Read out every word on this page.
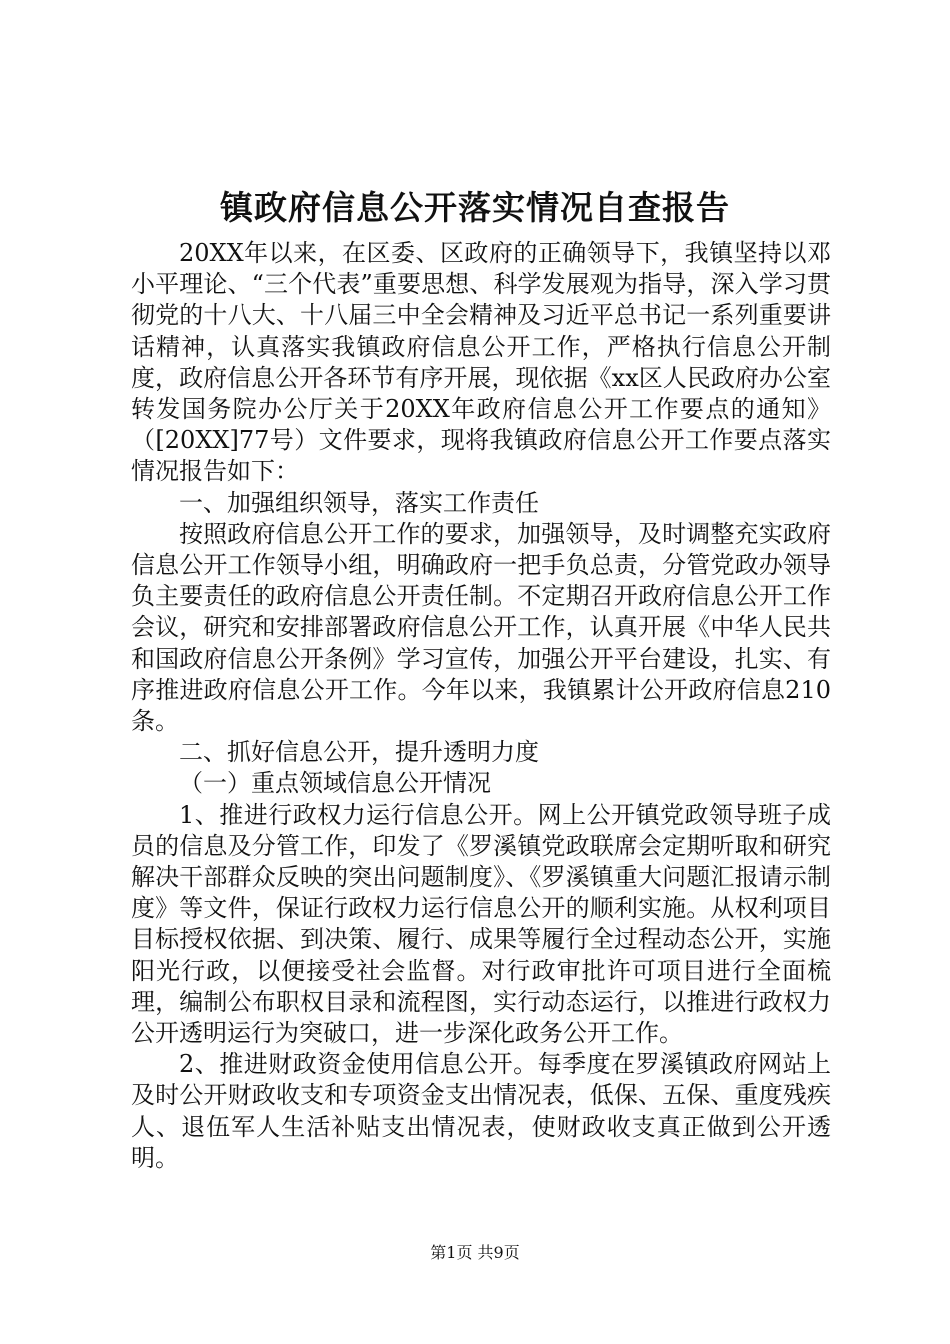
镇政府信息公开落实情况自查报告

20XX年以来，在区委、区政府的正确领导下，我镇坚持以邓小平理论、“三个代表”重要思想、科学发展观为指导，深入学习贯彻党的十八大、十八届三中全会精神及习近平总书记一系列重要讲话精神，认真落实我镇政府信息公开工作，严格执行信息公开制度，政府信息公开各环节有序开展，现依据《xx区人民政府办公室转发国务院办公厅关于20XX年政府信息公开工作要点的通知》（[20XX]77号）文件要求，现将我镇政府信息公开工作要点落实情况报告如下：

一、加强组织领导，落实工作责任

按照政府信息公开工作的要求，加强领导，及时调整充实政府信息公开工作领导小组，明确政府一把手负总责，分管党政办领导负主要责任的政府信息公开责任制。不定期召开政府信息公开工作会议，研究和安排部署政府信息公开工作，认真开展《中华人民共和国政府信息公开条例》学习宣传，加强公开平台建设，扎实、有序推进政府信息公开工作。今年以来，我镇累计公开政府信息210条。

二、抓好信息公开，提升透明力度

（一）重点领域信息公开情况

1、推进行政权力运行信息公开。网上公开镇党政领导班子成员的信息及分管工作，印发了《罗溪镇党政联席会定期听取和研究解决干部群众反映的突出问题制度》、《罗溪镇重大问题汇报请示制度》等文件，保证行政权力运行信息公开的顺利实施。从权利项目目标授权依据、到决策、履行、成果等履行全过程动态公开，实施阳光行政，以便接受社会监督。对行政审批许可项目进行全面梳理，编制公布职权目录和流程图，实行动态运行，以推进行政权力公开透明运行为突破口，进一步深化政务公开工作。

2、推进财政资金使用信息公开。每季度在罗溪镇政府网站上及时公开财政收支和专项资金支出情况表，低保、五保、重度残疾人、退伍军人生活补贴支出情况表，使财政收支真正做到公开透明。

第1页 共9页
